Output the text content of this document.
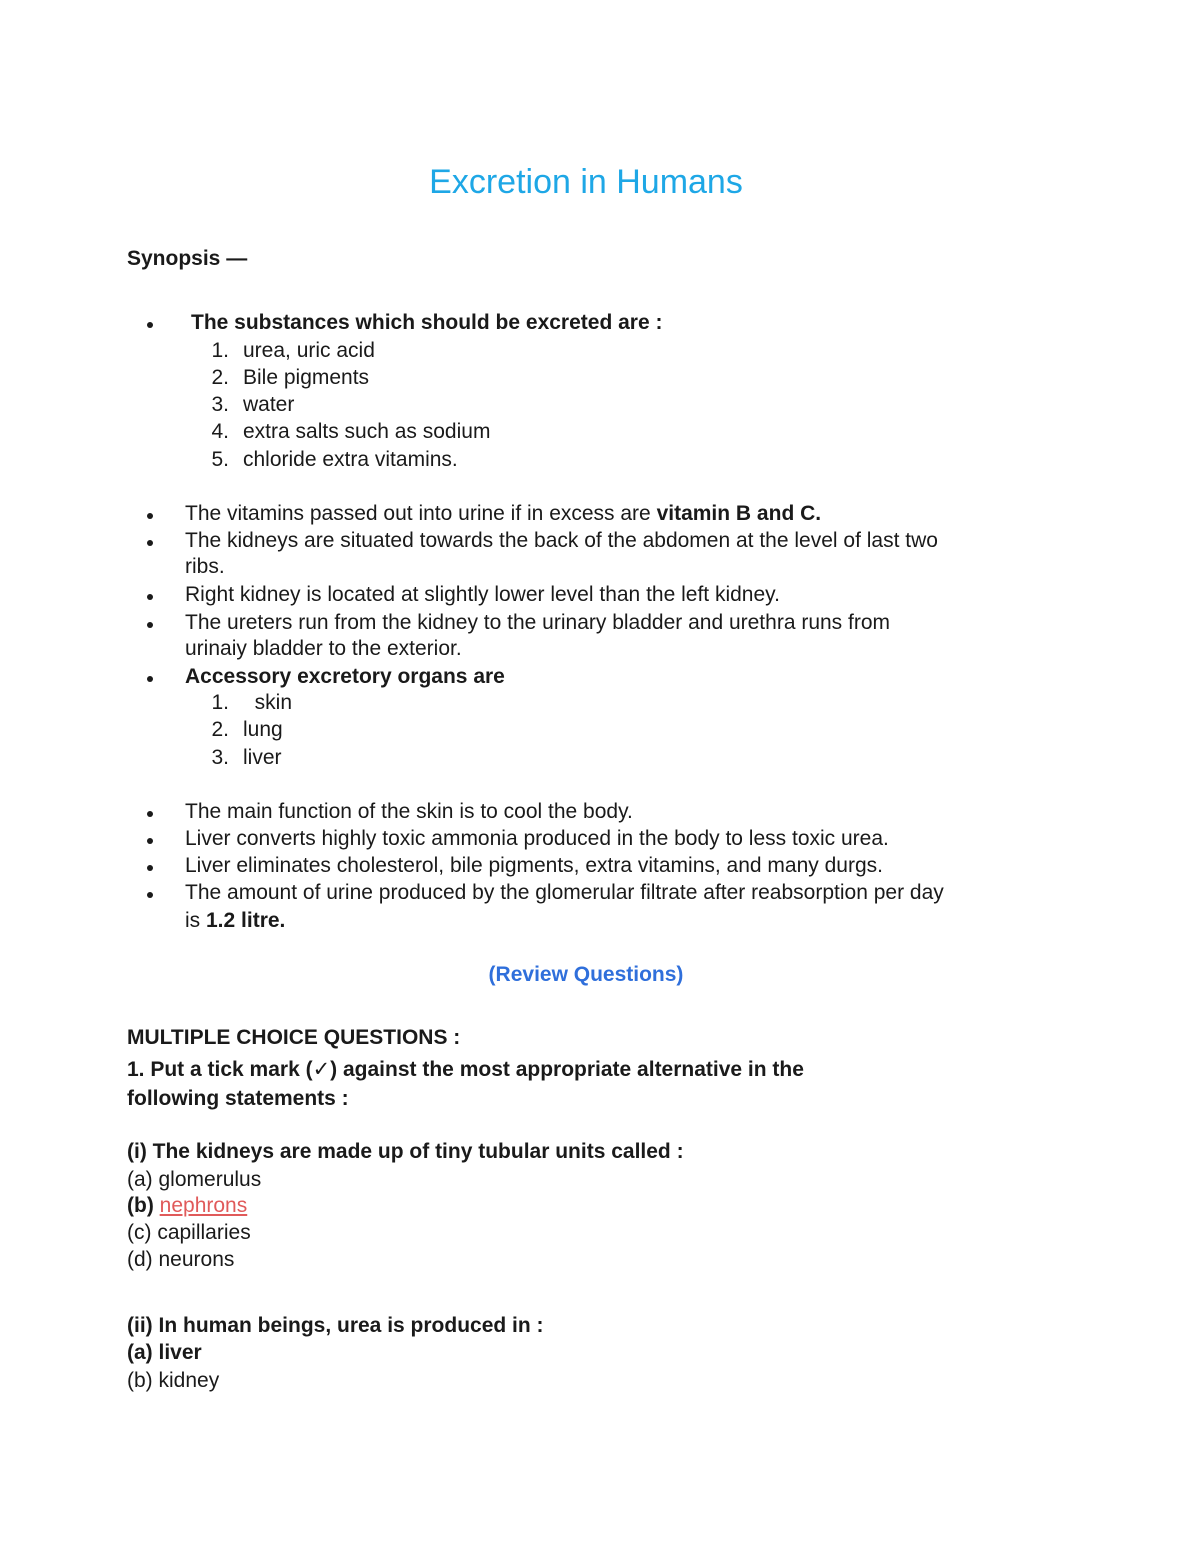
Excretion in Humans
Synopsis —
The substances which should be excreted are :
1. urea, uric acid
2. Bile pigments
3. water
4. extra salts such as sodium
5. chloride extra vitamins.
The vitamins passed out into urine if in excess are vitamin B and C.
The kidneys are situated towards the back of the abdomen at the level of last two
ribs.
Right kidney is located at slightly lower level than the left kidney.
The ureters run from the kidney to the urinary bladder and urethra runs from
urinaiy bladder to the exterior.
Accessory excretory organs are
1. skin
2. lung
3. liver
The main function of the skin is to cool the body.
Liver converts highly toxic ammonia produced in the body to less toxic urea.
Liver eliminates cholesterol, bile pigments, extra vitamins, and many durgs.
The amount of urine produced by the glomerular filtrate after reabsorption per day
is 1.2 litre.
(Review Questions)
MULTIPLE CHOICE QUESTIONS :
1. Put a tick mark (✓) against the most appropriate alternative in the
following statements :
(i) The kidneys are made up of tiny tubular units called :
(a) glomerulus
(b) nephrons
(c) capillaries
(d) neurons
(ii) In human beings, urea is produced in :
(a) liver
(b) kidney
